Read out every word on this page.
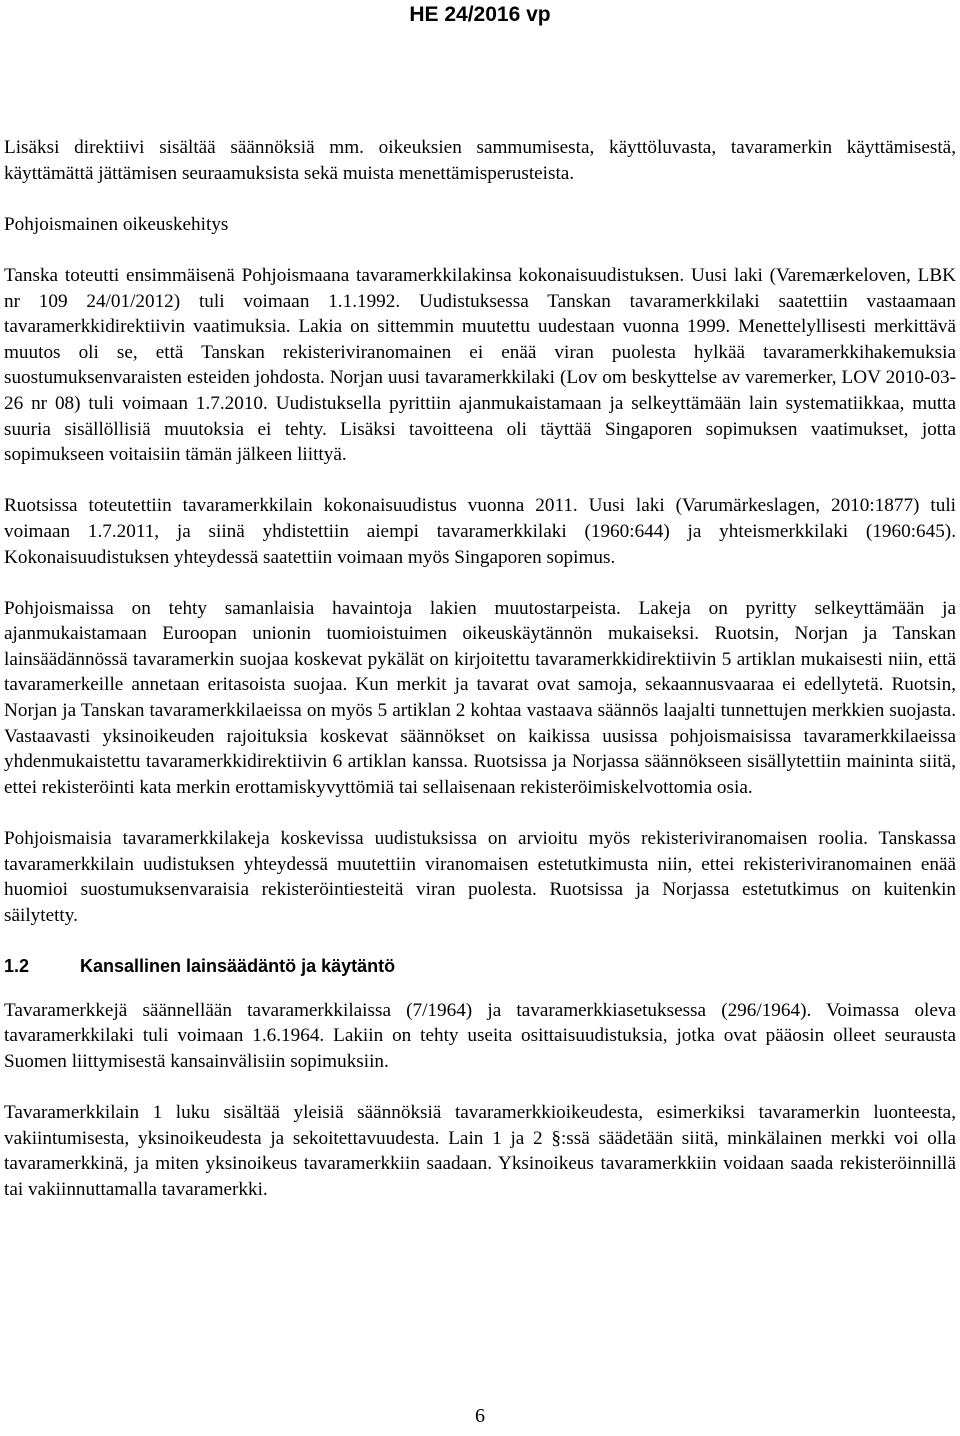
HE 24/2016 vp

Lisäksi direktiivi sisältää säännöksiä mm. oikeuksien sammumisesta, käyttöluvasta, tavaramerkin käyttämisestä, käyttämättä jättämisen seuraamuksista sekä muista menettämisperusteista.

Pohjoismainen oikeuskehitys

Tanska toteutti ensimmäisenä Pohjoismaana tavaramerkkilakinsa kokonaisuudistuksen. Uusi laki (Varemærkeloven, LBK nr 109 24/01/2012) tuli voimaan 1.1.1992. Uudistuksessa Tanskan tavaramerkkilaki saatettiin vastaamaan tavaramerkkidirektiivin vaatimuksia. Lakia on sittemmin muutettu uudestaan vuonna 1999. Menettelyllisesti merkittävä muutos oli se, että Tanskan rekisteriviranomainen ei enää viran puolesta hylkää tavaramerkkihakemuksia suostumuksenvaraisten esteiden johdosta. Norjan uusi tavaramerkkilaki (Lov om beskyttelse av varemerker, LOV 2010-03-26 nr 08) tuli voimaan 1.7.2010. Uudistuksella pyrittiin ajanmukaistamaan ja selkeyttämään lain systematiikkaa, mutta suuria sisällöllisiä muutoksia ei tehty. Lisäksi tavoitteena oli täyttää Singaporen sopimuksen vaatimukset, jotta sopimukseen voitaisiin tämän jälkeen liittyä.

Ruotsissa toteutettiin tavaramerkkilain kokonaisuudistus vuonna 2011. Uusi laki (Varumärkeslagen, 2010:1877) tuli voimaan 1.7.2011, ja siinä yhdistettiin aiempi tavaramerkkilaki (1960:644) ja yhteismerkkilaki (1960:645). Kokonaisuudistuksen yhteydessä saatettiin voimaan myös Singaporen sopimus.

Pohjoismaissa on tehty samanlaisia havaintoja lakien muutostarpeista. Lakeja on pyritty selkeyttämään ja ajanmukaistamaan Euroopan unionin tuomioistuimen oikeuskäytännön mukaiseksi. Ruotsin, Norjan ja Tanskan lainsäädännössä tavaramerkin suojaa koskevat pykälät on kirjoitettu tavaramerkkidirektiivin 5 artiklan mukaisesti niin, että tavaramerkeille annetaan eritasoista suojaa. Kun merkit ja tavarat ovat samoja, sekaannusvaaraa ei edellytetä. Ruotsin, Norjan ja Tanskan tavaramerkkilaeissa on myös 5 artiklan 2 kohtaa vastaava säännös laajalti tunnettujen merkkien suojasta. Vastaavasti yksinoikeuden rajoituksia koskevat säännökset on kaikissa uusissa pohjoismaisissa tavaramerkkilaeissa yhdenmukaistettu tavaramerkkidirektiivin 6 artiklan kanssa. Ruotsissa ja Norjassa säännökseen sisällytettiin maininta siitä, ettei rekisteröinti kata merkin erottamiskyvyttömiä tai sellaisenaan rekisteröimiskelvottomia osia.

Pohjoismaisia tavaramerkkilakeja koskevissa uudistuksissa on arvioitu myös rekisteriviranomaisen roolia. Tanskassa tavaramerkkilain uudistuksen yhteydessä muutettiin viranomaisen estetutkimusta niin, ettei rekisteriviranomainen enää huomioi suostumuksenvaraisia rekisteröintiesteitä viran puolesta. Ruotsissa ja Norjassa estetutkimus on kuitenkin säilytetty.

1.2	Kansallinen lainsäädäntö ja käytäntö

Tavaramerkkejä säännellään tavaramerkkilaissa (7/1964) ja tavaramerkkiasetuksessa (296/1964). Voimassa oleva tavaramerkkilaki tuli voimaan 1.6.1964. Lakiin on tehty useita osittaisuudistuksia, jotka ovat pääosin olleet seurausta Suomen liittymisestä kansainvälisiin sopimuksiin.

Tavaramerkkilain 1 luku sisältää yleisiä säännöksiä tavaramerkkioikeudesta, esimerkiksi tavaramerkin luonteesta, vakiintumisesta, yksinoikeudesta ja sekoitettavuudesta. Lain 1 ja 2 §:ssä säädetään siitä, minkälainen merkki voi olla tavaramerkkinä, ja miten yksinoikeus tavaramerkkiin saadaan. Yksinoikeus tavaramerkkiin voidaan saada rekisteröinnillä tai vakiinnuttamalla tavaramerkki.

6
